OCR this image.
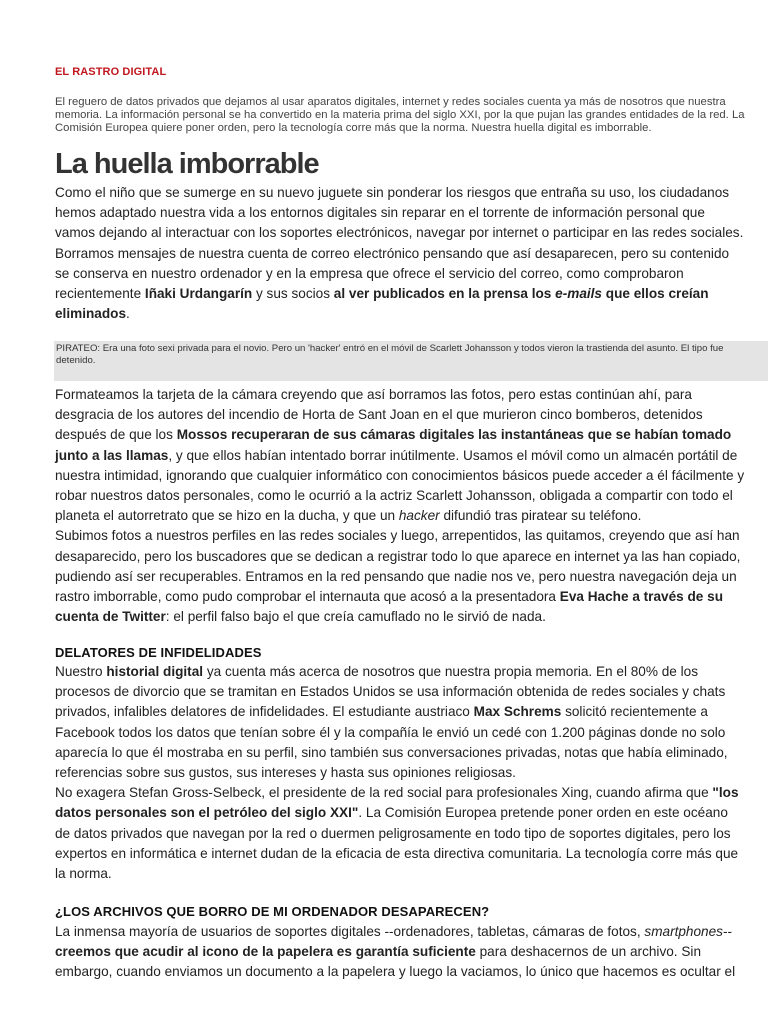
EL RASTRO DIGITAL
El reguero de datos privados que dejamos al usar aparatos digitales, internet y redes sociales cuenta ya más de nosotros que nuestra memoria. La información personal se ha convertido en la materia prima del siglo XXI, por la que pujan las grandes entidades de la red. La Comisión Europea quiere poner orden, pero la tecnología corre más que la norma. Nuestra huella digital es imborrable.
La huella imborrable

Como el niño que se sumerge en su nuevo juguete sin ponderar los riesgos que entraña su uso, los ciudadanos hemos adaptado nuestra vida a los entornos digitales sin reparar en el torrente de información personal que vamos dejando al interactuar con los soportes electrónicos, navegar por internet o participar en las redes sociales. Borramos mensajes de nuestra cuenta de correo electrónico pensando que así desaparecen, pero su contenido se conserva en nuestro ordenador y en la empresa que ofrece el servicio del correo, como comprobaron recientemente Iñaki Urdangarín y sus socios al ver publicados en la prensa los e-mails que ellos creían eliminados.

PIRATEO: Era una foto sexi privada para el novio. Pero un 'hacker' entró en el móvil de Scarlett Johansson y todos vieron la trastienda del asunto. El tipo fue detenido.

Formateamos la tarjeta de la cámara creyendo que así borramos las fotos, pero estas continúan ahí, para desgracia de los autores del incendio de Horta de Sant Joan en el que murieron cinco bomberos, detenidos después de que los Mossos recuperaran de sus cámaras digitales las instantáneas que se habían tomado junto a las llamas, y que ellos habían intentado borrar inútilmente. Usamos el móvil como un almacén portátil de nuestra intimidad, ignorando que cualquier informático con conocimientos básicos puede acceder a él fácilmente y robar nuestros datos personales, como le ocurrió a la actriz Scarlett Johansson, obligada a compartir con todo el planeta el autorretrato que se hizo en la ducha, y que un hacker difundió tras piratear su teléfono.

Subimos fotos a nuestros perfiles en las redes sociales y luego, arrepentidos, las quitamos, creyendo que así han desaparecido, pero los buscadores que se dedican a registrar todo lo que aparece en internet ya las han copiado, pudiendo así ser recuperables. Entramos en la red pensando que nadie nos ve, pero nuestra navegación deja un rastro imborrable, como pudo comprobar el internauta que acosó a la presentadora Eva Hache a través de su cuenta de Twitter: el perfil falso bajo el que creía camuflado no le sirvió de nada.

DELATORES DE INFIDELIDADES

Nuestro historial digital ya cuenta más acerca de nosotros que nuestra propia memoria. En el 80% de los procesos de divorcio que se tramitan en Estados Unidos se usa información obtenida de redes sociales y chats privados, infalibles delatores de infidelidades. El estudiante austriaco Max Schrems solicitó recientemente a Facebook todos los datos que tenían sobre él y la compañía le envió un cedé con 1.200 páginas donde no solo aparecía lo que él mostraba en su perfil, sino también sus conversaciones privadas, notas que había eliminado, referencias sobre sus gustos, sus intereses y hasta sus opiniones religiosas.

No exagera Stefan Gross-Selbeck, el presidente de la red social para profesionales Xing, cuando afirma que "los datos personales son el petróleo del siglo XXI". La Comisión Europea pretende poner orden en este océano de datos privados que navegan por la red o duermen peligrosamente en todo tipo de soportes digitales, pero los expertos en informática e internet dudan de la eficacia de esta directiva comunitaria. La tecnología corre más que la norma.

¿LOS ARCHIVOS QUE BORRO DE MI ORDENADOR DESAPARECEN?

La inmensa mayoría de usuarios de soportes digitales --ordenadores, tabletas, cámaras de fotos, smartphones-- creemos que acudir al icono de la papelera es garantía suficiente para deshacernos de un archivo. Sin embargo, cuando enviamos un documento a la papelera y luego la vaciamos, lo único que hacemos es ocultar el
